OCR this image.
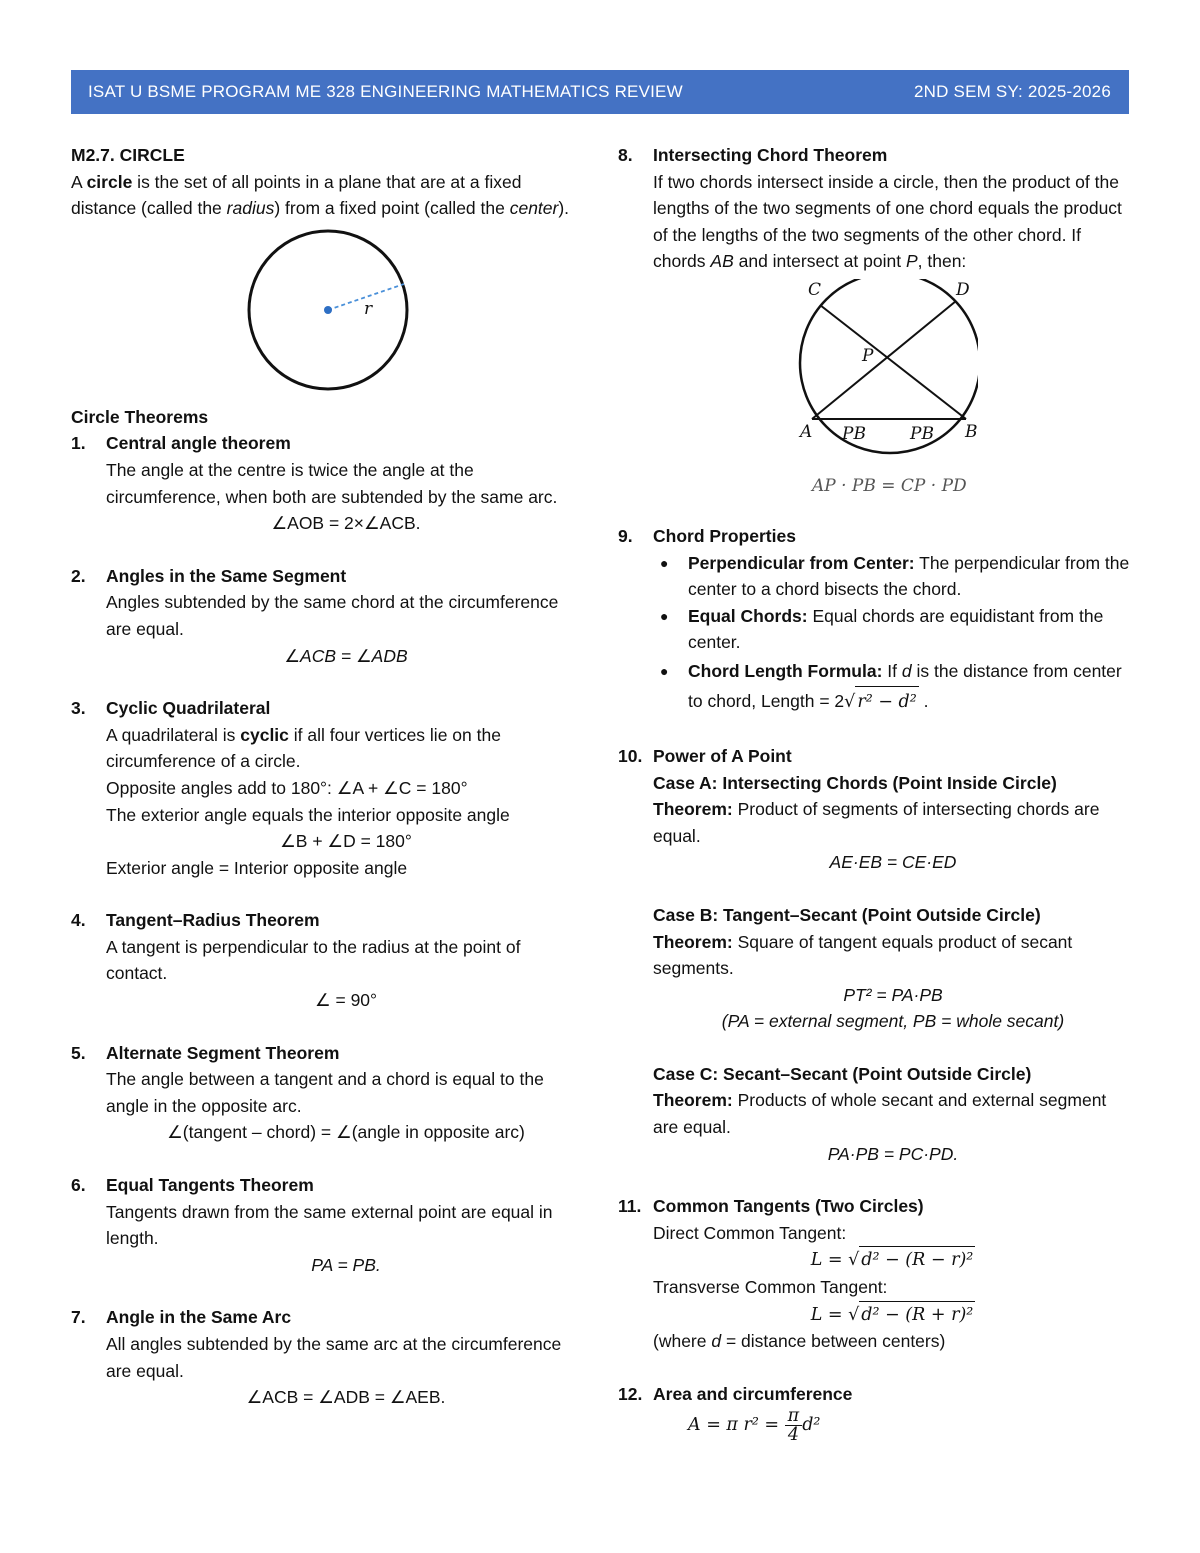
ISAT U BSME PROGRAM ME 328 ENGINEERING MATHEMATICS REVIEW	2ND SEM SY: 2025-2026

M2.7. CIRCLE

A circle is the set of all points in a plane that are at a fixed distance (called the radius) from a fixed point (called the center).

r

Circle Theorems

1. Central angle theorem
The angle at the centre is twice the angle at the circumference, when both are subtended by the same arc.
∠AOB = 2×∠ACB.
2. Angles in the Same Segment
Angles subtended by the same chord at the circumference are equal.
∠ACB = ∠ADB
3. Cyclic Quadrilateral
A quadrilateral is cyclic if all four vertices lie on the circumference of a circle.
Opposite angles add to 180°: ∠A + ∠C = 180°
The exterior angle equals the interior opposite angle
∠B + ∠D = 180°
Exterior angle = Interior opposite angle
4. Tangent–Radius Theorem
A tangent is perpendicular to the radius at the point of contact.
∠ = 90°
5. Alternate Segment Theorem
The angle between a tangent and a chord is equal to the angle in the opposite arc.
∠(tangent – chord) = ∠(angle in opposite arc)
6. Equal Tangents Theorem
Tangents drawn from the same external point are equal in length.
PA = PB.
7. Angle in the Same Arc
All angles subtended by the same arc at the circumference are equal.
∠ACB = ∠ADB = ∠AEB.
8. Intersecting Chord Theorem
If two chords intersect inside a circle, then the product of the lengths of the two segments of one chord equals the product of the lengths of the two segments of the other chord. If chords AB and intersect at point P, then:
C	D
P
A	B
PB	PB
AP · PB = CP · PD
9. Chord Properties
● Perpendicular from Center: The perpendicular from the center to a chord bisects the chord.
● Equal Chords: Equal chords are equidistant from the center.
● Chord Length Formula: If d is the distance from center to chord, Length = 2√ r² − d² .
10. Power of A Point
Case A: Intersecting Chords (Point Inside Circle)
Theorem: Product of segments of intersecting chords are equal.
AE·EB = CE·ED
Case B: Tangent–Secant (Point Outside Circle)
Theorem: Square of tangent equals product of secant segments.
PT² = PA·PB
(PA = external segment, PB = whole secant)
Case C: Secant–Secant (Point Outside Circle)
Theorem: Products of whole secant and external segment are equal.
PA·PB = PC·PD.
11. Common Tangents (Two Circles)
Direct Common Tangent:
L = √ d² − (R − r)²
Transverse Common Tangent:
L = √ d² − (R + r)²
(where d = distance between centers)
12. Area and circumference
A = π $r^2 = \frac{\pi}{4} d^2$
